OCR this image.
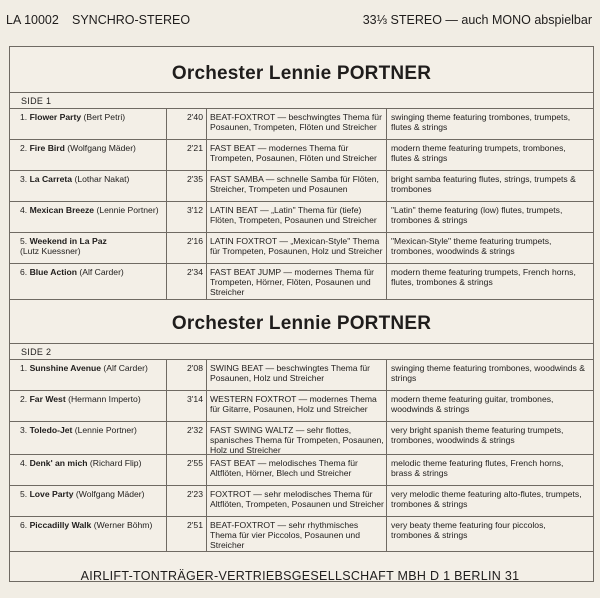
LA 10002 SYNCHRO-STEREO	33⅓ STEREO — auch MONO abspielbar
Orchester Lennie PORTNER
SIDE 1
1. Flower Party (Bert Petri)	2'40 BEAT-FOXTROT — beschwingtes Thema für Posaunen, Trompeten, Flöten und Streicher
swinging theme featuring trombones, trumpets, flutes & strings
2. Fire Bird (Wolfgang Mäder)	2'21 FAST BEAT — modernes Thema für Trompeten, Posaunen, Flöten und Streicher
modern theme featuring trumpets, trombones, flutes & strings
3. La Carreta (Lothar Nakat)	2'35 FAST SAMBA — schnelle Samba für Flöten, Streicher, Trompeten und Posaunen
bright samba featuring flutes, strings, trumpets & trombones
4. Mexican Breeze (Lennie Portner)	3'12 LATIN BEAT — „Latin" Thema für (tiefe) Flöten, Trompeten, Posaunen und Streicher
"Latin" theme featuring (low) flutes, trumpets, trombones & strings
5. Weekend in La Paz
(Lutz Kuessner)
2'16 LATIN FOXTROT — „Mexican-Style" Thema für Trompeten, Posaunen, Holz und Streicher
"Mexican-Style" theme featuring trumpets, trombones, woodwinds & strings
6. Blue Action (Alf Carder)	2'34 FAST BEAT JUMP — modernes Thema für Trompeten, Hörner, Flöten, Posaunen und Streicher
modern theme featuring trumpets, French horns, flutes, trombones & strings
Orchester Lennie PORTNER
SIDE 2
1. Sunshine Avenue (Alf Carder)	2'08 SWING BEAT — beschwingtes Thema für Posaunen, Holz und Streicher
swinging theme featuring trombones, woodwinds & strings
2. Far West (Hermann Imperto)	3'14 WESTERN FOXTROT — modernes Thema für Gitarre, Posaunen, Holz und Streicher
modern theme featuring guitar, trombones, woodwinds & strings
3. Toledo-Jet (Lennie Portner)	2'32 FAST SWING WALTZ — sehr flottes, spanisches Thema für Trompeten, Posaunen, Holz und Streicher
very bright spanish theme featuring trumpets, trombones, woodwinds & strings
4. Denk' an mich (Richard Flip)	2'55 FAST BEAT — melodisches Thema für Altflöten, Hörner, Blech und Streicher
melodic theme featuring flutes, French horns, brass & strings
5. Love Party (Wolfgang Mäder)	2'23 FOXTROT — sehr melodisches Thema für Altflöten, Trompeten, Posaunen und Streicher
very melodic theme featuring alto-flutes, trumpets, trombones & strings
6. Piccadilly Walk (Werner Böhm)	2'51 BEAT-FOXTROT — sehr rhythmisches Thema für vier Piccolos, Posaunen und Streicher
very beaty theme featuring four piccolos, trombones & strings
AIRLIFT-TONTRÄGER-VERTRIEBSGESELLSCHAFT MBH D 1 BERLIN 31
